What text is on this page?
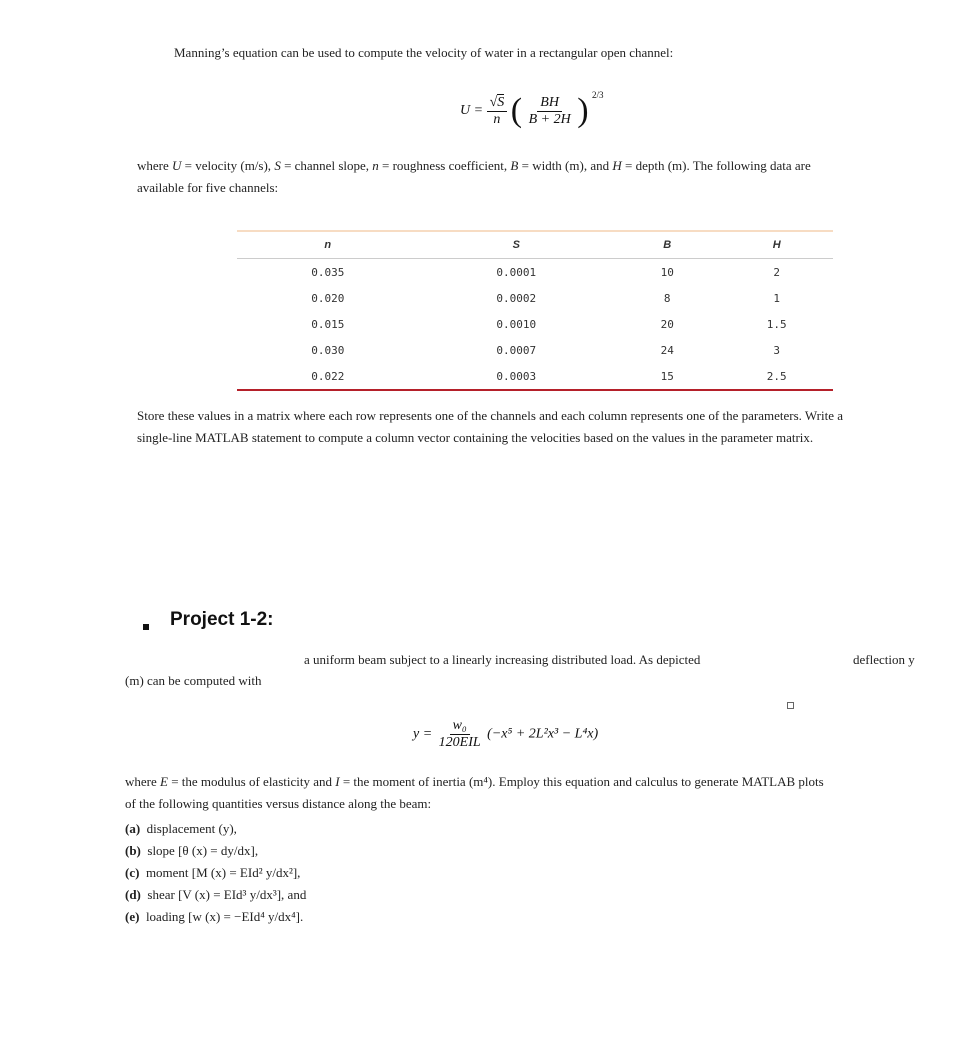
Manning’s equation can be used to compute the velocity of water in a rectangular open channel:
$U = \frac{√S}{n}$ ( $\frac{BH}{B + 2H}$ ) $^{2/3}$
where U = velocity (m/s), S = channel slope, n = roughness coefficient, B = width (m), and H = depth (m). The following data are
available for five channels:
n	S	B	H
0.035	0.0001	10	2
0.020	0.0002	8	1
0.015	0.0010	20	1.5
0.030	0.0007	24	3
0.022	0.0003	15	2.5
Store these values in a matrix where each row represents one of the channels and each column represents one of the parameters. Write a
single-line MATLAB statement to compute a column vector containing the velocities based on the values in the parameter matrix.
Project 1-2:
a uniform beam subject to a linearly increasing distributed load. As depicted	deflection y
(m) can be computed with
$y = \frac{\text{w₀}}{\text{120EIL}} (-x^5 + 2L^2x^3 - L^4x)$
where E = the modulus of elasticity and I = the moment of inertia (m⁴). Employ this equation and calculus to generate MATLAB plots
of the following quantities versus distance along the beam:
(a) displacement (y),
(b) slope [θ (x) = dy/dx],
(c) moment [M (x) = EId² y/dx²],
(d) shear [V (x) = EId³ y/dx³], and
(e) loading [w (x) = −EId⁴ y/dx⁴].
